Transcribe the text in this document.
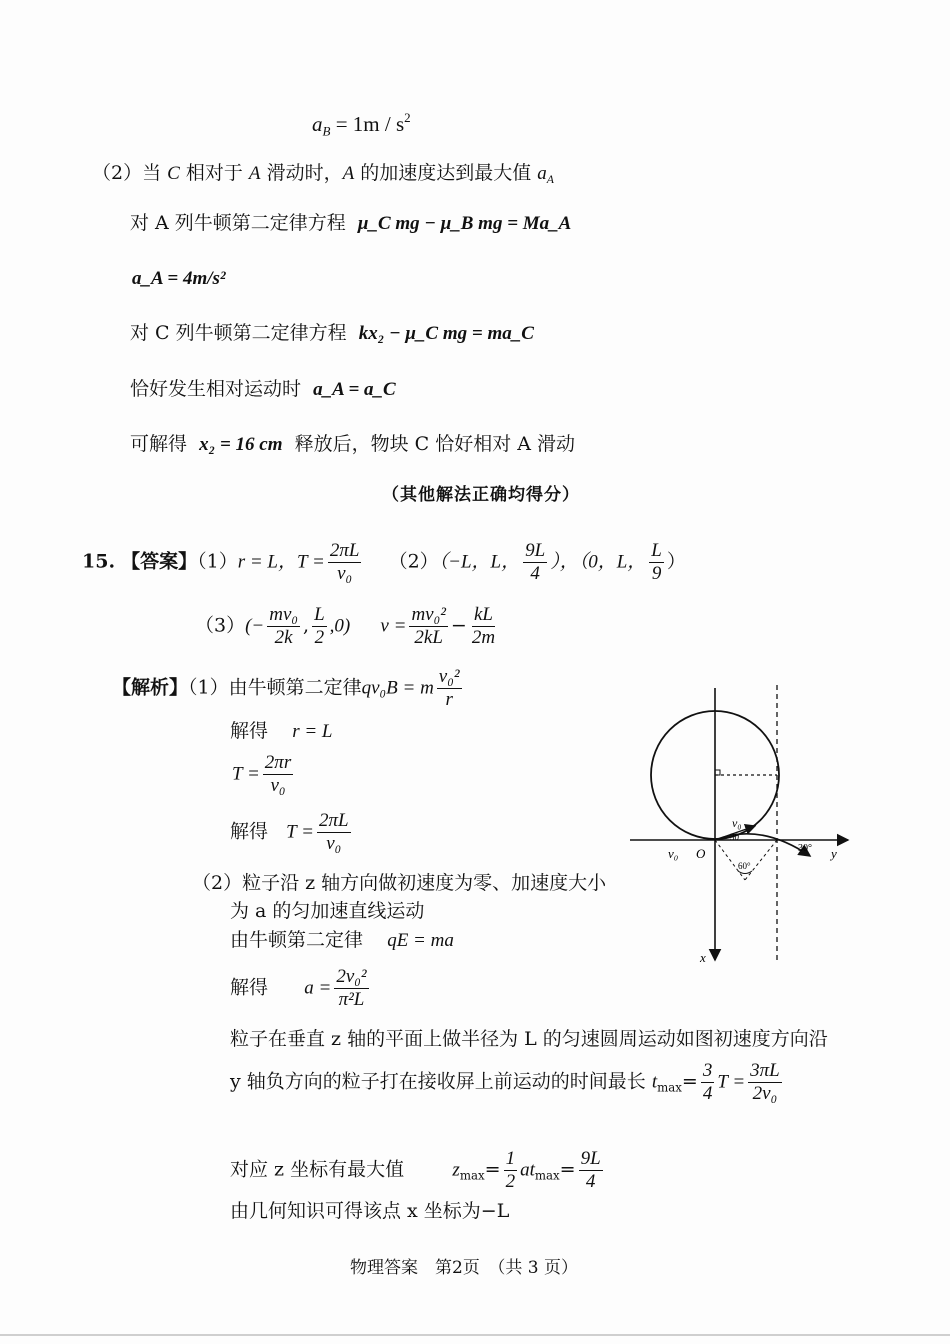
$a_B = 1m / s^2$
（2）当 C 相对于 A 滑动时，A 的加速度达到最大值 $a_A$
对 A 列牛顿第二定律方程 μ_C mg − μ_B mg = Ma_A
a_A = 4m/s²
对 C 列牛顿第二定律方程 kx₂ − μ_C mg = ma_C
恰好发生相对运动时 a_A = a_C
可解得 x₂ = 16 cm 释放后，物块 C 恰好相对 A 滑动
（其他解法正确均得分）
15. 【答案】（1）r = L，$T = \frac{2\pi L}{\text{v₀}} (2)(-L$，L， $\frac{9L}{4}$ ），（0，L， $\frac{L}{9}$ ）
$(3)(- \frac{\text{mv₀}}{2k}$ , $\frac{L}{2} ,0$) $v = \frac{\text{mv₀²}}{2kL} - \frac{kL}{2m}$
【解析】（1）由牛顿第二定律qv₀B = m $\frac{\text{v₀²}}{r}$
解得 r = L
$T = \frac{2\pi r}{\text{v₀}}$
解得 $T = \frac{2\pi L}{\text{v₀}}$
（2）粒子沿 z 轴方向做初速度为零、加速度大小
为 a 的匀加速直线运动
由牛顿第二定律 qE = ma
解得 $a = \frac{\text{2v₀²}}{\text{π²L}}$
粒子在垂直 z 轴的平面上做半径为 L 的匀速圆周运动如图初速度方向沿
y 轴负方向的粒子打在接收屏上前运动的时间最长 $t_{max}= \frac{3}{4}$ $T = \frac{3\pi L}{\text{2v₀}}$
对应 z 坐标有最大值	$z_{max}= \frac{1}{2} at_{max}= \frac{9L}{4}$
由几何知识可得该点 x 坐标为−L
v₀
v₀ O	y
x
30
30°
60°
物理答案　第2页　（共 3 页）
